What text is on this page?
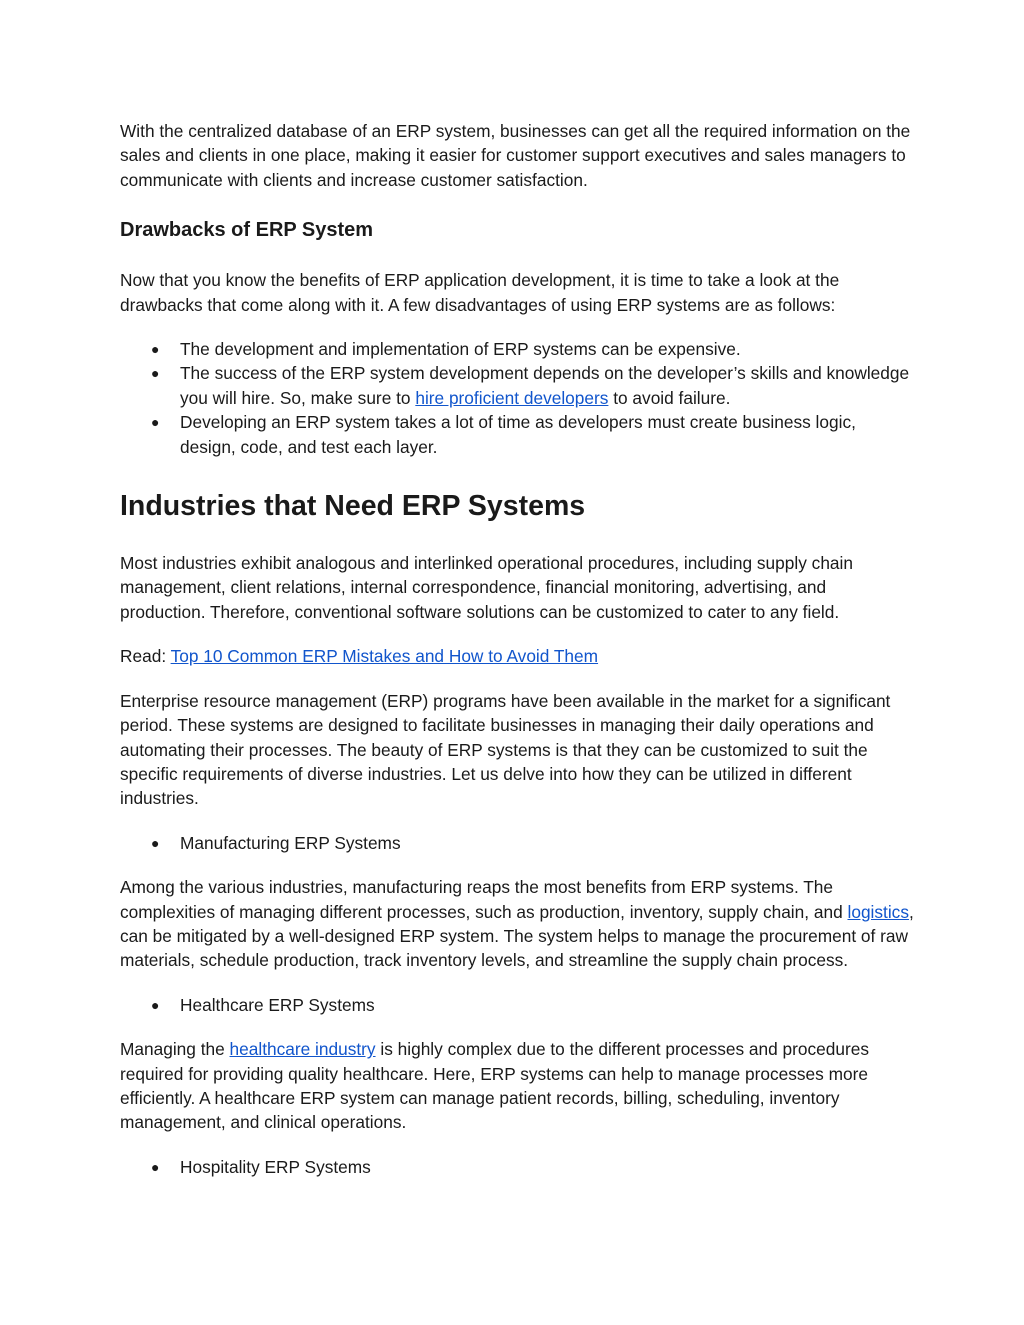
With the centralized database of an ERP system, businesses can get all the required information on the sales and clients in one place, making it easier for customer support executives and sales managers to communicate with clients and increase customer satisfaction.

Drawbacks of ERP System

Now that you know the benefits of ERP application development, it is time to take a look at the drawbacks that come along with it. A few disadvantages of using ERP systems are as follows:

● The development and implementation of ERP systems can be expensive.
● The success of the ERP system development depends on the developer’s skills and knowledge you will hire. So, make sure to hire proficient developers to avoid failure.
● Developing an ERP system takes a lot of time as developers must create business logic, design, code, and test each layer.
Industries that Need ERP Systems

Most industries exhibit analogous and interlinked operational procedures, including supply chain management, client relations, internal correspondence, financial monitoring, advertising, and production. Therefore, conventional software solutions can be customized to cater to any field.

Read: Top 10 Common ERP Mistakes and How to Avoid Them

Enterprise resource management (ERP) programs have been available in the market for a significant period. These systems are designed to facilitate businesses in managing their daily operations and automating their processes. The beauty of ERP systems is that they can be customized to suit the specific requirements of diverse industries. Let us delve into how they can be utilized in different industries.

● Manufacturing ERP Systems

Among the various industries, manufacturing reaps the most benefits from ERP systems. The complexities of managing different processes, such as production, inventory, supply chain, and logistics, can be mitigated by a well-designed ERP system. The system helps to manage the procurement of raw materials, schedule production, track inventory levels, and streamline the supply chain process.

● Healthcare ERP Systems

Managing the healthcare industry is highly complex due to the different processes and procedures required for providing quality healthcare. Here, ERP systems can help to manage processes more efficiently. A healthcare ERP system can manage patient records, billing, scheduling, inventory management, and clinical operations.

● Hospitality ERP Systems
